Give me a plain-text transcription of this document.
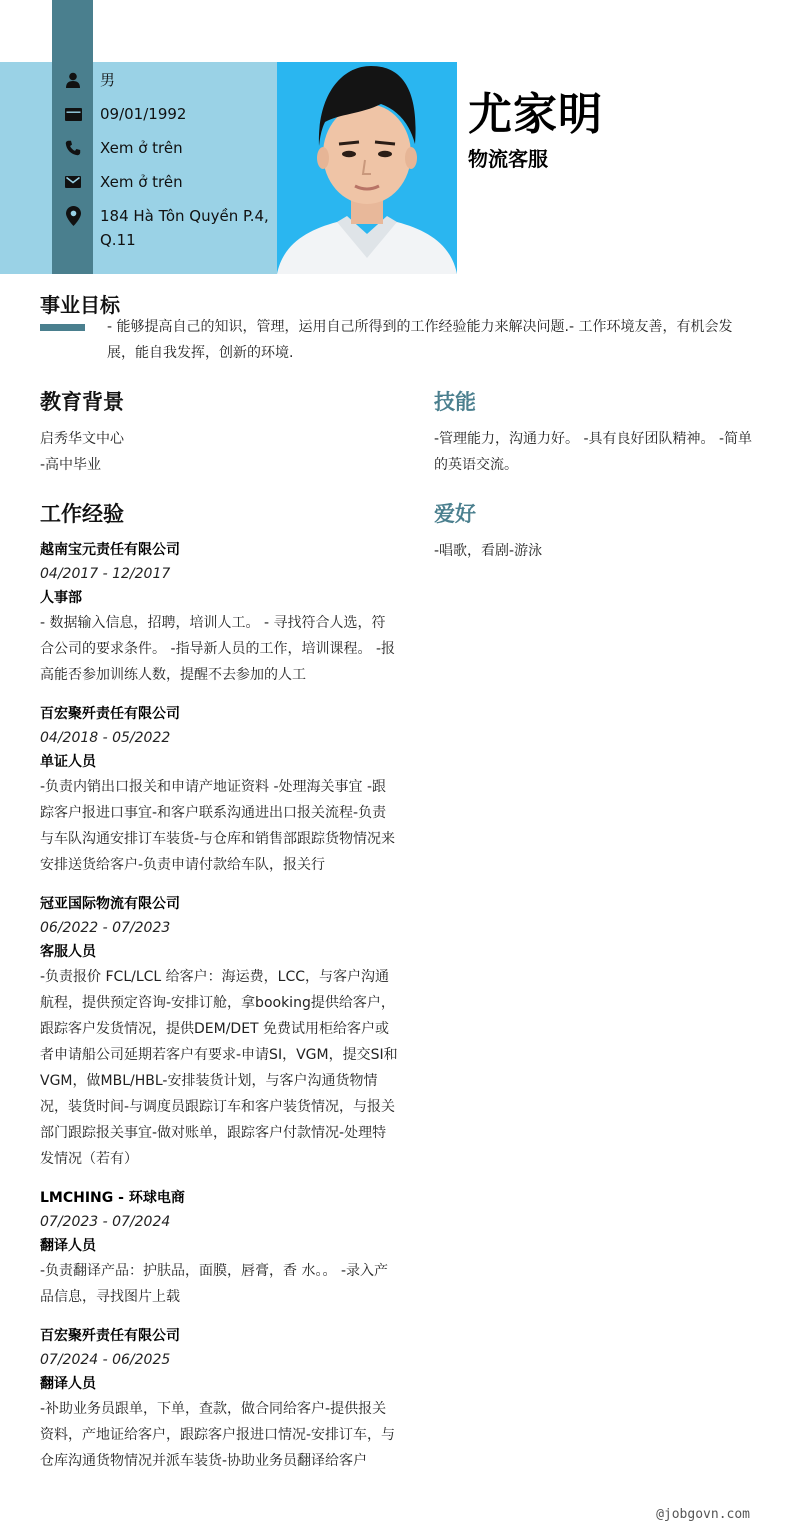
男
09/01/1992
Xem ở trên
Xem ở trên
184 Hà Tôn Quyền P.4, Q.11
尤家明
物流客服
事业目标
- 能够提高自己的知识，管理，运用自己所得到的工作经验能力来解决问题.- 工作环境友善，有机会发展，能自我发挥，创新的环境.
教育背景
启秀华文中心
-高中毕业
工作经验
越南宝元责任有限公司
04/2017 - 12/2017
人事部
- 数据输入信息，招聘，培训人工。 - 寻找符合人选，符合公司的要求条件。 -指导新人员的工作，培训课程。 -报高能否参加训练人数，提醒不去参加的人工
百宏聚歼责任有限公司
04/2018 - 05/2022
单证人员
-负责内销出口报关和申请产地证资料 -处理海关事宜 -跟踪客户报进口事宜-和客户联系沟通进出口报关流程-负责与车队沟通安排订车装货-与仓库和销售部跟踪货物情况来安排送货给客户-负责申请付款给车队，报关行
冠亚国际物流有限公司
06/2022 - 07/2023
客服人员
-负责报价 FCL/LCL 给客户：海运费，LCC，与客户沟通航程，提供预定咨询-安排订舱，拿booking提供给客户，跟踪客户发货情况，提供DEM/DET 免费试用柜给客户或者申请船公司延期若客户有要求-申请SI，VGM，提交SI和VGM，做MBL/HBL-安排装货计划，与客户沟通货物情况，装货时间-与调度员跟踪订车和客户装货情况，与报关部门跟踪报关事宜-做对账单，跟踪客户付款情况-处理特发情况（若有）
LMCHING - 环球电商
07/2023 - 07/2024
翻译人员
-负责翻译产品：护肤品，面膜，唇膏，香 水。。 -录入产品信息，寻找图片上载
百宏聚歼责任有限公司
07/2024 - 06/2025
翻译人员
-补助业务员跟单，下单，查款，做合同给客户-提供报关资料，产地证给客户，跟踪客户报进口情况-安排订车，与仓库沟通货物情况并派车装货-协助业务员翻译给客户
技能
-管理能力，沟通力好。 -具有良好团队精神。 -简单的英语交流。
爱好
-唱歌，看剧-游泳
@jobgovn.com
